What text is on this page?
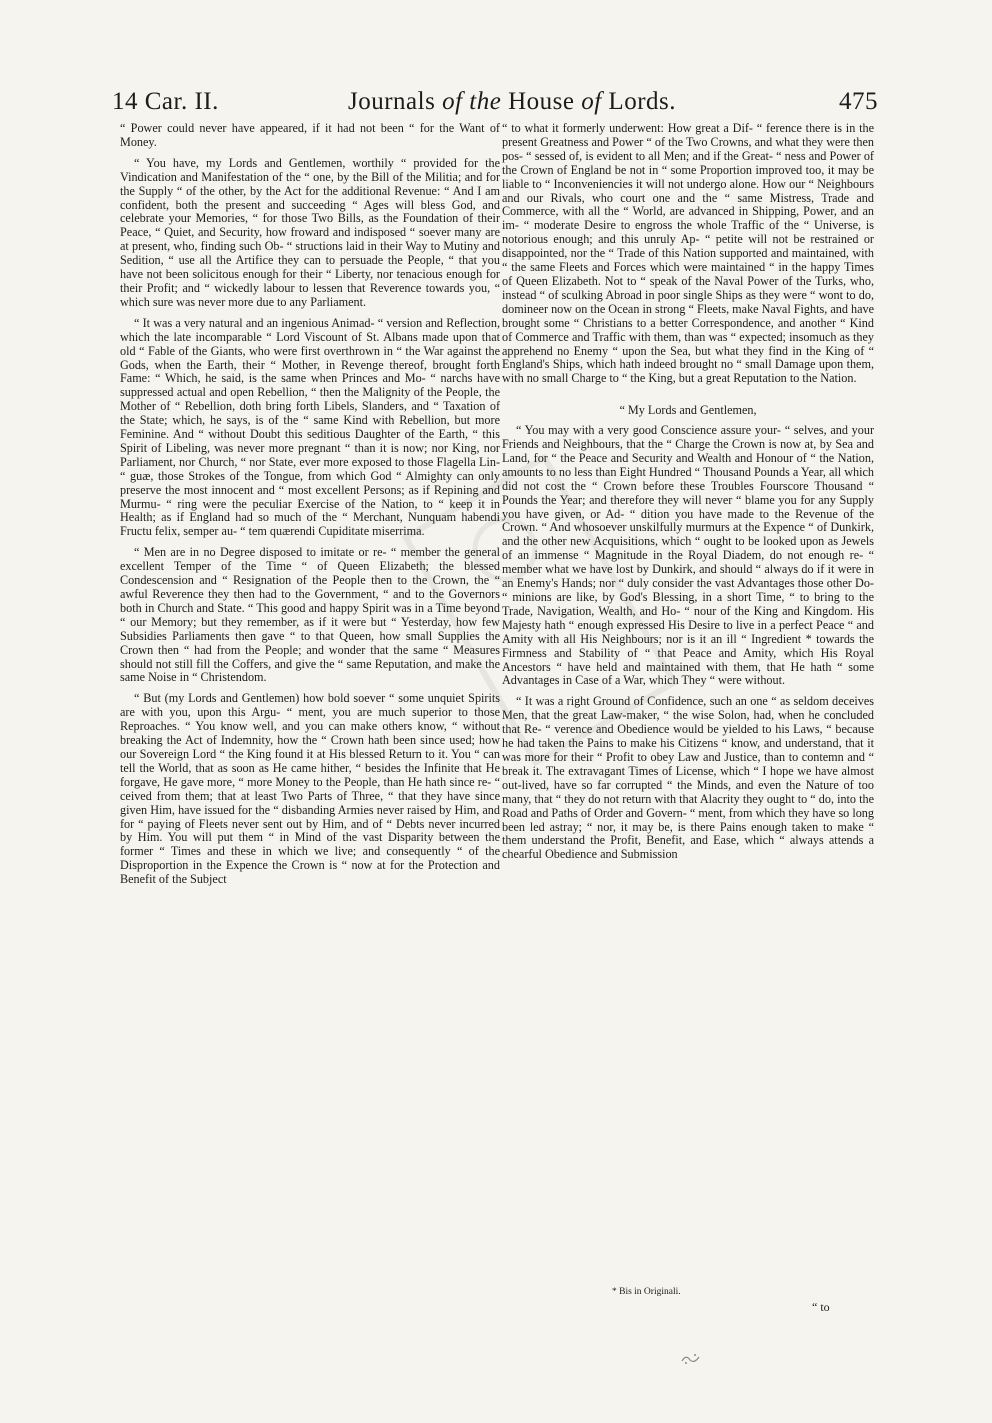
14 Car. II.	Journals of the House of Lords.	475

“ Power could never have appeared, if it had not been “ for the Want of Money.

“ You have, my Lords and Gentlemen, worthily “ provided for the Vindication and Manifestation of the “ one, by the Bill of the Militia; and for the Supply “ of the other, by the Act for the additional Revenue: “ And I am confident, both the present and succeeding “ Ages will bless God, and celebrate your Memories, “ for those Two Bills, as the Foundation of their Peace, “ Quiet, and Security, how froward and indisposed “ soever many are at present, who, finding such Ob- “ structions laid in their Way to Mutiny and Sedition, “ use all the Artifice they can to persuade the People, “ that you have not been solicitous enough for their “ Liberty, nor tenacious enough for their Profit; and “ wickedly labour to lessen that Reverence towards you, “ which sure was never more due to any Parliament.

“ It was a very natural and an ingenious Animad- “ version and Reflection, which the late incomparable “ Lord Viscount of St. Albans made upon that old “ Fable of the Giants, who were first overthrown in “ the War against the Gods, when the Earth, their “ Mother, in Revenge thereof, brought forth Fame: “ Which, he said, is the same when Princes and Mo- “ narchs have suppressed actual and open Rebellion, “ then the Malignity of the People, the Mother of “ Rebellion, doth bring forth Libels, Slanders, and “ Taxation of the State; which, he says, is of the “ same Kind with Rebellion, but more Feminine. And “ without Doubt this seditious Daughter of the Earth, “ this Spirit of Libeling, was never more pregnant “ than it is now; nor King, nor Parliament, nor Church, “ nor State, ever more exposed to those Flagella Lin- “ guæ, those Strokes of the Tongue, from which God “ Almighty can only preserve the most innocent and “ most excellent Persons; as if Repining and Murmu- “ ring were the peculiar Exercise of the Nation, to “ keep it in Health; as if England had so much of the “ Merchant, Nunquam habendi Fructu felix, semper au- “ tem quærendi Cupiditate miserrima.

“ Men are in no Degree disposed to imitate or re- “ member the general excellent Temper of the Time “ of Queen Elizabeth; the blessed Condescension and “ Resignation of the People then to the Crown, the “ awful Reverence they then had to the Government, “ and to the Governors both in Church and State. “ This good and happy Spirit was in a Time beyond “ our Memory; but they remember, as if it were but “ Yesterday, how few Subsidies Parliaments then gave “ to that Queen, how small Supplies the Crown then “ had from the People; and wonder that the same “ Measures should not still fill the Coffers, and give the “ same Reputation, and make the same Noise in “ Christendom.

“ But (my Lords and Gentlemen) how bold soever “ some unquiet Spirits are with you, upon this Argu- “ ment, you are much superior to those Reproaches. “ You know well, and you can make others know, “ without breaking the Act of Indemnity, how the “ Crown hath been since used; how our Sovereign Lord “ the King found it at His blessed Return to it. You “ can tell the World, that as soon as He came hither, “ besides the Infinite that He forgave, He gave more, “ more Money to the People, than He hath since re- “ ceived from them; that at least Two Parts of Three, “ that they have since given Him, have issued for the “ disbanding Armies never raised by Him, and for “ paying of Fleets never sent out by Him, and of “ Debts never incurred by Him. You will put them “ in Mind of the vast Disparity between the former “ Times and these in which we live; and consequently “ of the Disproportion in the Expence the Crown is “ now at for the Protection and Benefit of the Subject

“ to what it formerly underwent: How great a Dif- “ ference there is in the present Greatness and Power “ of the Two Crowns, and what they were then pos- “ sessed of, is evident to all Men; and if the Great- “ ness and Power of the Crown of England be not in “ some Proportion improved too, it may be liable to “ Inconveniencies it will not undergo alone. How our “ Neighbours and our Rivals, who court one and the “ same Mistress, Trade and Commerce, with all the “ World, are advanced in Shipping, Power, and an im- “ moderate Desire to engross the whole Traffic of the “ Universe, is notorious enough; and this unruly Ap- “ petite will not be restrained or disappointed, nor the “ Trade of this Nation supported and maintained, with “ the same Fleets and Forces which were maintained “ in the happy Times of Queen Elizabeth. Not to “ speak of the Naval Power of the Turks, who, instead “ of sculking Abroad in poor single Ships as they were “ wont to do, domineer now on the Ocean in strong “ Fleets, make Naval Fights, and have brought some “ Christians to a better Correspondence, and another “ Kind of Commerce and Traffic with them, than was “ expected; insomuch as they apprehend no Enemy “ upon the Sea, but what they find in the King of “ England's Ships, which hath indeed brought no “ small Damage upon them, with no small Charge to “ the King, but a great Reputation to the Nation.

“ My Lords and Gentlemen,

“ You may with a very good Conscience assure your- “ selves, and your Friends and Neighbours, that the “ Charge the Crown is now at, by Sea and Land, for “ the Peace and Security and Wealth and Honour of “ the Nation, amounts to no less than Eight Hundred “ Thousand Pounds a Year, all which did not cost the “ Crown before these Troubles Fourscore Thousand “ Pounds the Year; and therefore they will never “ blame you for any Supply you have given, or Ad- “ dition you have made to the Revenue of the Crown. “ And whosoever unskilfully murmurs at the Expence “ of Dunkirk, and the other new Acquisitions, which “ ought to be looked upon as Jewels of an immense “ Magnitude in the Royal Diadem, do not enough re- “ member what we have lost by Dunkirk, and should “ always do if it were in an Enemy's Hands; nor “ duly consider the vast Advantages those other Do- “ minions are like, by God's Blessing, in a short Time, “ to bring to the Trade, Navigation, Wealth, and Ho- “ nour of the King and Kingdom. His Majesty hath “ enough expressed His Desire to live in a perfect Peace “ and Amity with all His Neighbours; nor is it an ill “ Ingredient * towards the Firmness and Stability of “ that Peace and Amity, which His Royal Ancestors “ have held and maintained with them, that He hath “ some Advantages in Case of a War, which They “ were without.

“ It was a right Ground of Confidence, such an one “ as seldom deceives Men, that the great Law-maker, “ the wise Solon, had, when he concluded that Re- “ verence and Obedience would be yielded to his Laws, “ because he had taken the Pains to make his Citizens “ know, and understand, that it was more for their “ Profit to obey Law and Justice, than to contemn and “ break it. The extravagant Times of License, which “ I hope we have almost out-lived, have so far corrupted “ the Minds, and even the Nature of too many, that “ they do not return with that Alacrity they ought to “ do, into the Road and Paths of Order and Govern- “ ment, from which they have so long been led astray; “ nor, it may be, is there Pains enough taken to make “ them understand the Profit, Benefit, and Ease, which “ always attends a chearful Obedience and Submission

* Bis in Originali.
“ to
